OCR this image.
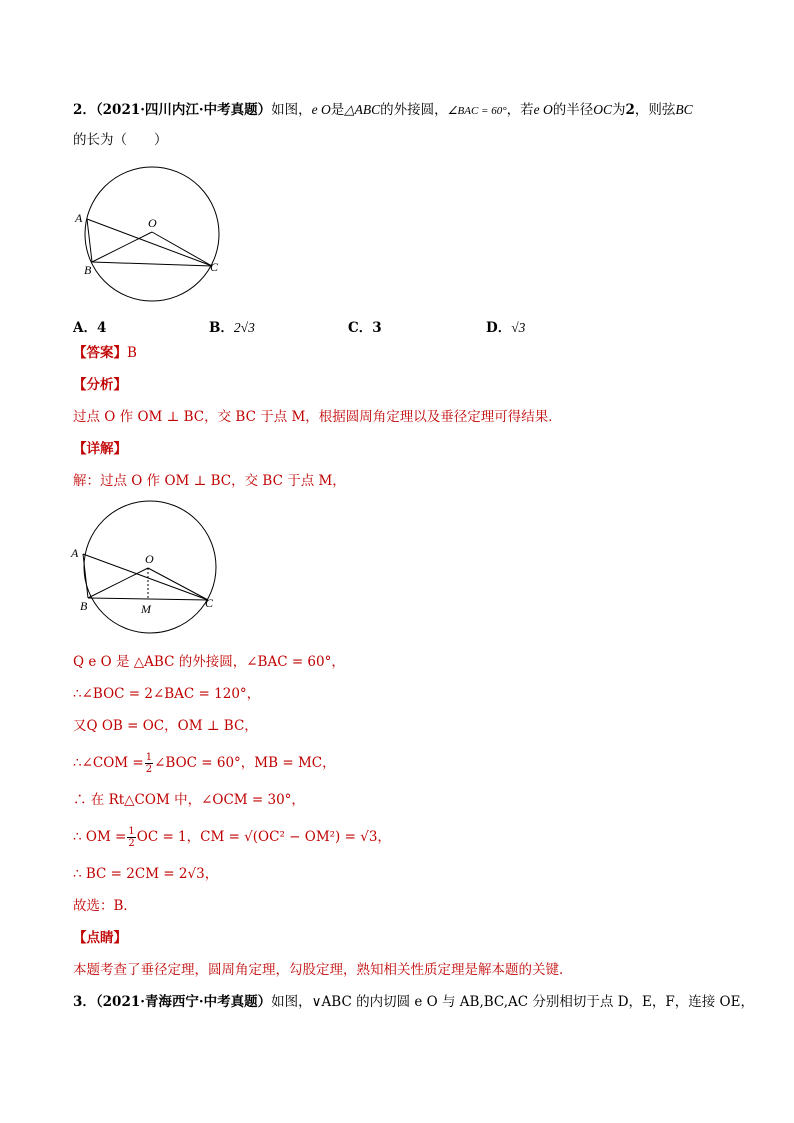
2．（2021·四川内江·中考真题）如图，e O是△ABC的外接圆，∠BAC = 60°，若e O的半径OC为2，则弦BC
的长为（　　）
A	O
B	C
A．4	B．2√3	C．3	D．√3
【答案】B
【分析】
过点 O 作 OM ⊥ BC，交 BC 于点 M，根据圆周角定理以及垂径定理可得结果．
【详解】
解：过点 O 作 OM ⊥ BC，交 BC 于点 M，
A	O
B	C
M
Q e O 是 △ABC 的外接圆，∠BAC = 60°，
∴∠BOC = 2∠BAC = 120°，
又Q OB = OC，OM ⊥ BC，
∴∠COM = $\frac{1}{2}$ ∠BOC = 60°，MB = MC，
∴ 在 Rt△COM 中，∠OCM = 30°，
∴ OM = $\frac{1}{2}$ OC = 1，CM = √(OC² − OM²) = √3，
∴ BC = 2CM = 2√3，
故选：B．
【点睛】
本题考查了垂径定理，圆周角定理，勾股定理，熟知相关性质定理是解本题的关键．
3．（2021·青海西宁·中考真题）如图，∨ABC 的内切圆 e O 与 AB,BC,AC 分别相切于点 D，E，F，连接 OE，
